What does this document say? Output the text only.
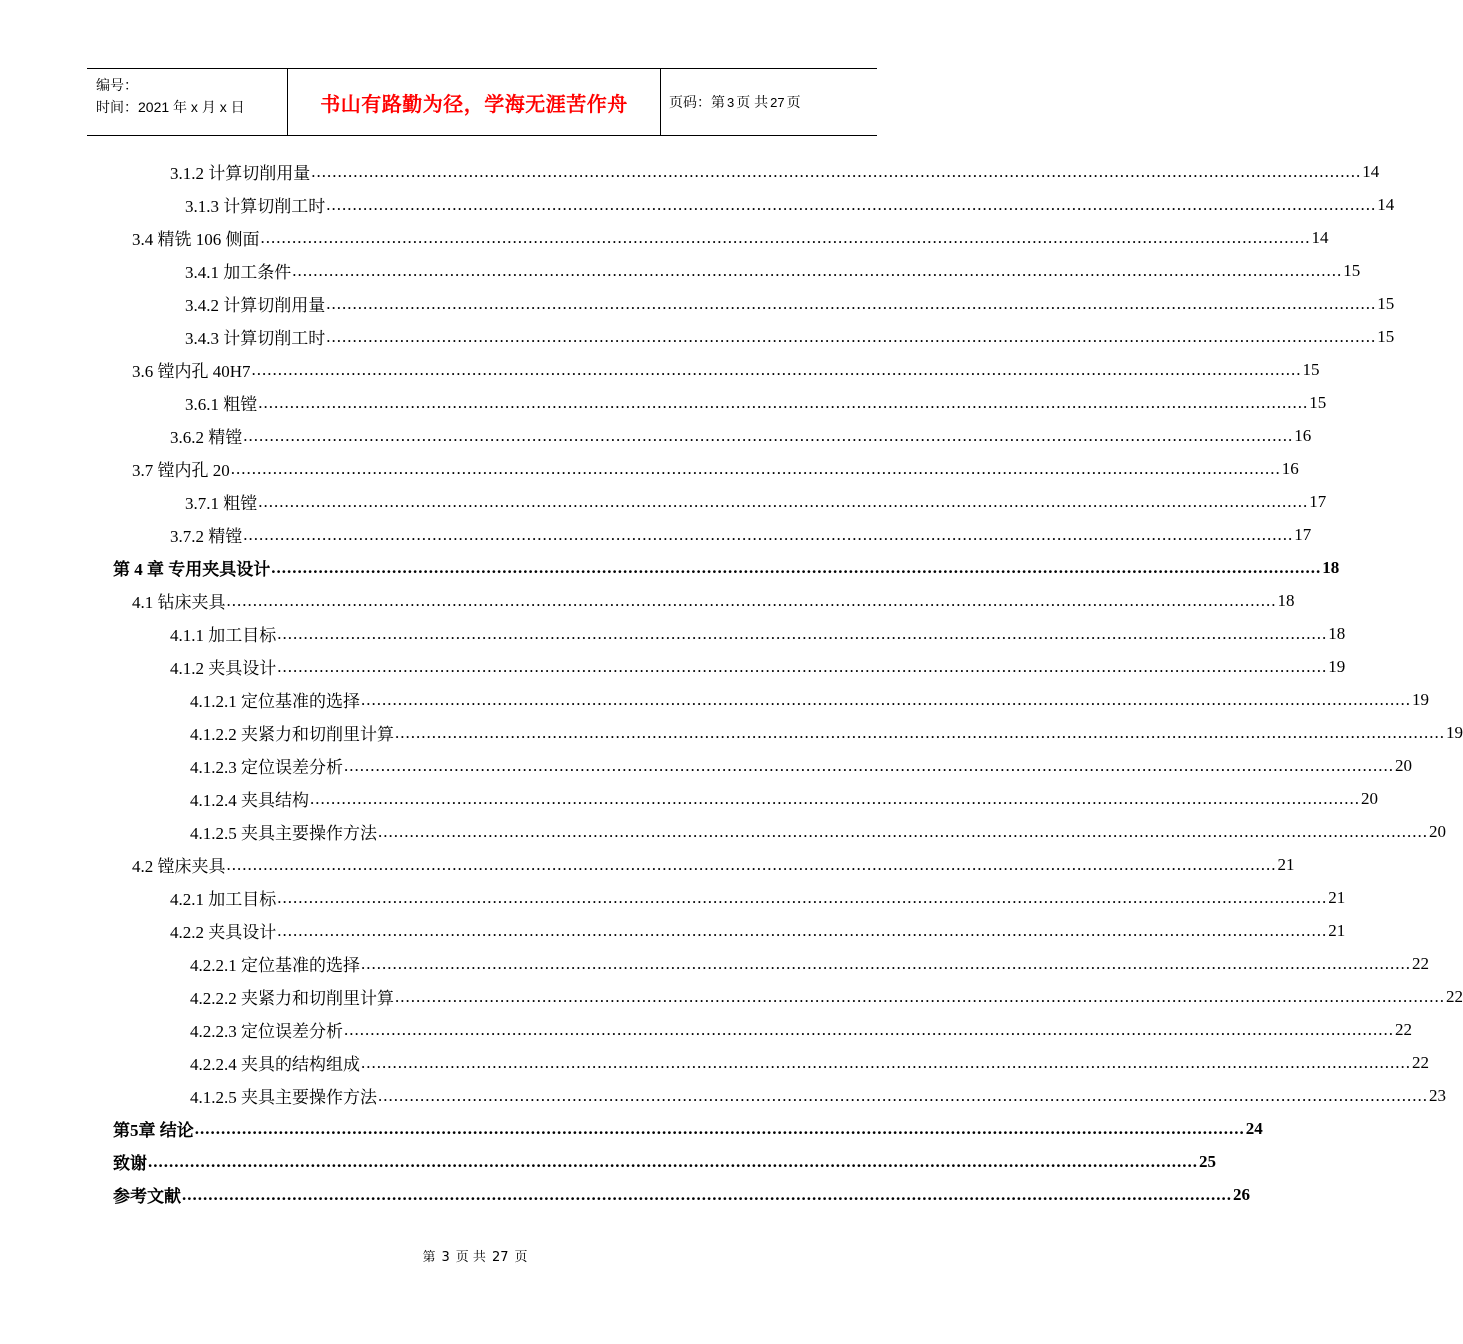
编号：
时间：2021 年 x 月 x 日	书山有路勤为径，学海无涯苦作舟	页码：第 3 页 共 27 页
3.1.2 计算切削用量 ........................................................................................................................................................................................................ 14
3.1.3 计算切削工时 ........................................................................................................................................................................................................ 14
3.4 精铣 106 侧面 ........................................................................................................................................................................................................ 14
3.4.1 加工条件 ........................................................................................................................................................................................................ 15
3.4.2 计算切削用量 ........................................................................................................................................................................................................ 15
3.4.3 计算切削工时 ........................................................................................................................................................................................................ 15
3.6 镗内孔 40H7 ........................................................................................................................................................................................................ 15
3.6.1 粗镗 ........................................................................................................................................................................................................ 15
3.6.2 精镗 ........................................................................................................................................................................................................ 16
3.7 镗内孔 20 ........................................................................................................................................................................................................ 16
3.7.1 粗镗 ........................................................................................................................................................................................................ 17
3.7.2 精镗 ........................................................................................................................................................................................................ 17
第 4 章 专用夹具设计 ........................................................................................................................................................................................................ 18
4.1 钻床夹具 ........................................................................................................................................................................................................ 18
4.1.1 加工目标 ........................................................................................................................................................................................................ 18
4.1.2 夹具设计 ........................................................................................................................................................................................................ 19
4.1.2.1 定位基准的选择 ........................................................................................................................................................................................................ 19
4.1.2.2 夹紧力和切削里计算 ........................................................................................................................................................................................................ 19
4.1.2.3 定位误差分析 ........................................................................................................................................................................................................ 20
4.1.2.4 夹具结构 ........................................................................................................................................................................................................ 20
4.1.2.5 夹具主要操作方法 ........................................................................................................................................................................................................ 20
4.2 镗床夹具 ........................................................................................................................................................................................................ 21
4.2.1 加工目标 ........................................................................................................................................................................................................ 21
4.2.2 夹具设计 ........................................................................................................................................................................................................ 21
4.2.2.1 定位基准的选择 ........................................................................................................................................................................................................ 22
4.2.2.2 夹紧力和切削里计算 ........................................................................................................................................................................................................ 22
4.2.2.3 定位误差分析 ........................................................................................................................................................................................................ 22
4.2.2.4 夹具的结构组成 ........................................................................................................................................................................................................ 22
4.1.2.5 夹具主要操作方法 ........................................................................................................................................................................................................ 23
第5章 结论 ........................................................................................................................................................................................................ 24
致谢 ........................................................................................................................................................................................................ 25
参考文献 ........................................................................................................................................................................................................ 26
第 3 页 共 27 页
